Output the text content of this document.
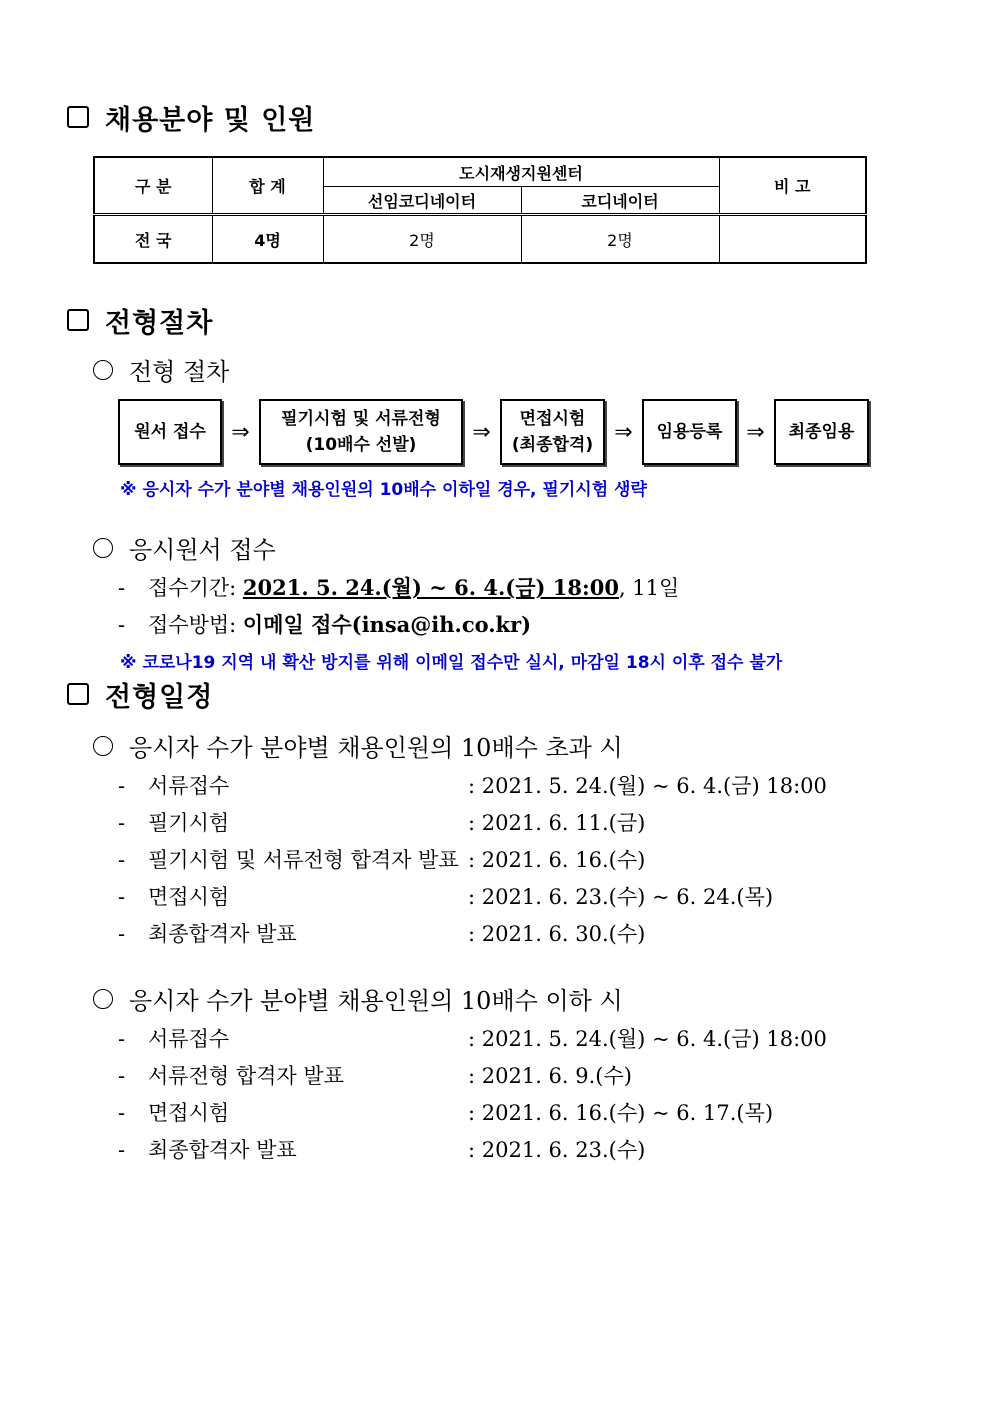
채용분야 및 인원
구 분	합 계	도시재생지원센터		비 고
		선임코디네이터	코디네이터	
전 국	4명	2명	2명	
전형절차
전형 절차
원서 접수	⇒
필기시험 및 서류전형
(10배수 선발)
⇒
면접시험
(최종합격)
⇒	임용등록	⇒	최종임용
※ 응시자 수가 분야별 채용인원의 10배수 이하일 경우, 필기시험 생략
응시원서 접수
- 접수기간: 2021. 5. 24.(월) ~ 6. 4.(금) 18:00, 11일
- 접수방법: 이메일 접수(insa@ih.co.kr)
※ 코로나19 지역 내 확산 방지를 위해 이메일 접수만 실시, 마감일 18시 이후 접수 불가
전형일정
응시자 수가 분야별 채용인원의 10배수 초과 시
- 서류접수	: 2021. 5. 24.(월) ~ 6. 4.(금) 18:00
- 필기시험	: 2021. 6. 11.(금)
- 필기시험 및 서류전형 합격자 발표 : 2021. 6. 16.(수)
- 면접시험	: 2021. 6. 23.(수) ~ 6. 24.(목)
- 최종합격자 발표	: 2021. 6. 30.(수)
응시자 수가 분야별 채용인원의 10배수 이하 시
- 서류접수	: 2021. 5. 24.(월) ~ 6. 4.(금) 18:00
- 서류전형 합격자 발표	: 2021. 6. 9.(수)
- 면접시험	: 2021. 6. 16.(수) ~ 6. 17.(목)
- 최종합격자 발표	: 2021. 6. 23.(수)
